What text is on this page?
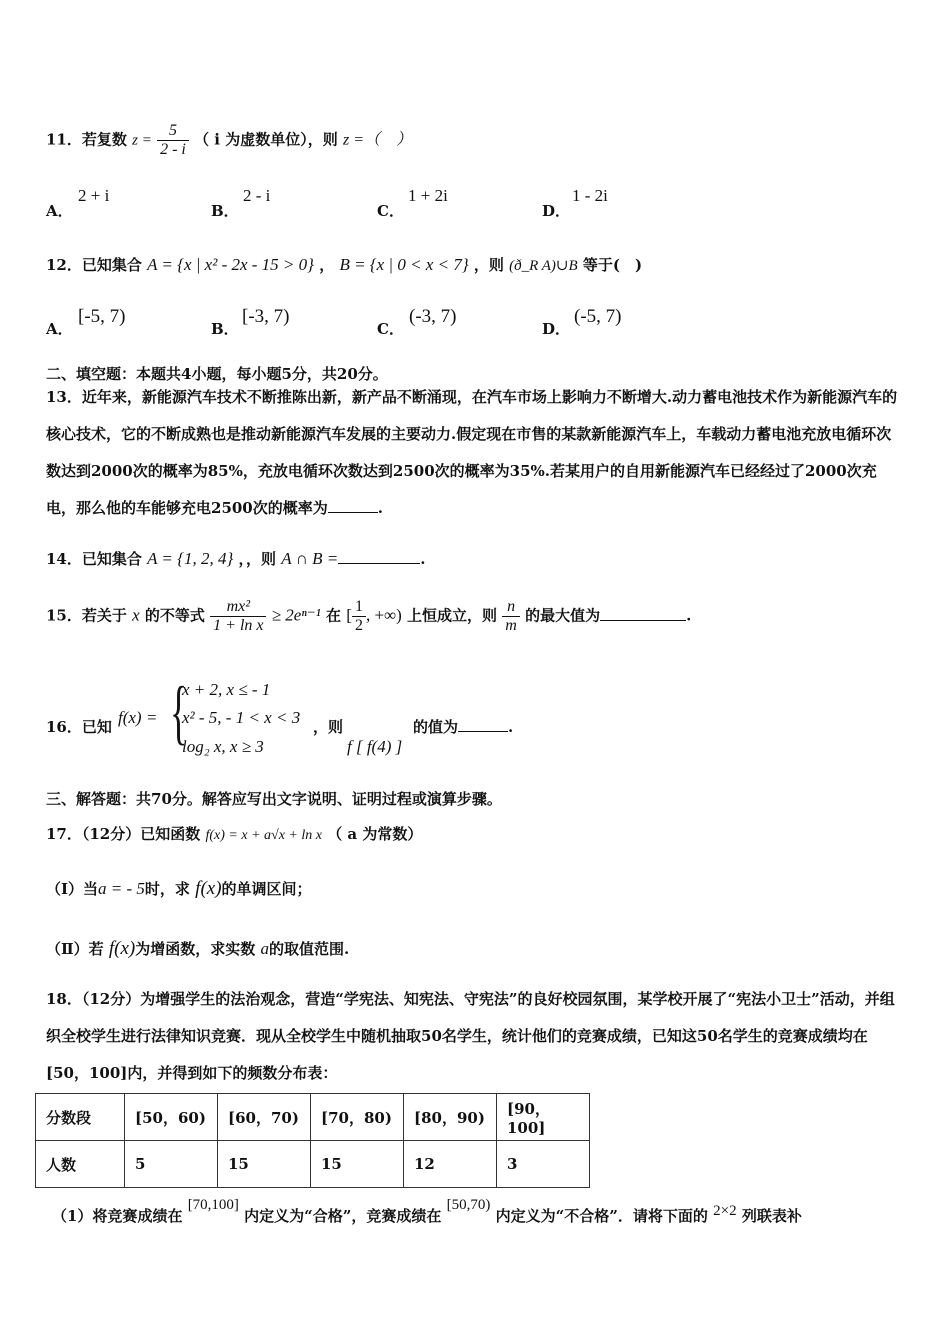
11．若复数 $z = \frac{5}{2 - i}$ （ i 为虚数单位），则 z =（　）
A．
2 + i
B．
2 - i
C．
1 + 2i
D．
1 - 2i
12．已知集合 A = {x | x² - 2x - 15 > 0} ， B = {x | 0 < x < 7} ，则 (ð_R A)∪B 等于(　)
A．
[-5, 7)
B．
[-3, 7)
C．
(-3, 7)
D．
(-5, 7)
二、填空题：本题共4小题，每小题5分，共20分。
13．近年来，新能源汽车技术不断推陈出新，新产品不断涌现，在汽车市场上影响力不断增大.动力蓄电池技术作为新能源汽车的核心技术，它的不断成熟也是推动新能源汽车发展的主要动力.假定现在市售的某款新能源汽车上，车载动力蓄电池充放电循环次数达到2000次的概率为85%，充放电循环次数达到2500次的概率为35%.若某用户的自用新能源汽车已经经过了2000次充电，那么他的车能够充电2500次的概率为	.
14．已知集合 A = {1, 2, 4} ，，则 A ∩ B =	.
15．若关于 x 的不等式 $\frac{\text{mx²}}{\text{1 + ln x}} \ge 2e^{n-1}$ 在 [ $\frac{1}{2}$ , +∞) 上恒成立，则 $\frac{n}{m}$ 的最大值为	.
16．已知 f(x) = {
x + 2, x ≤ - 1
x² - 5, - 1 < x < 3
log₂ x, x ≥ 3
，则
f [ f(4) ]
的值为	.
三、解答题：共70分。解答应写出文字说明、证明过程或演算步骤。
17．（12分）已知函数 f(x) = x + a√x + ln x （ a 为常数）
（Ⅰ）当a = - 5时，求 f(x)的单调区间；
（Ⅱ）若 f(x)为增函数，求实数 a的取值范围.
18．（12分）为增强学生的法治观念，营造“学宪法、知宪法、守宪法”的良好校园氛围，某学校开展了“宪法小卫士”活动，并组织全校学生进行法律知识竞赛．现从全校学生中随机抽取50名学生，统计他们的竞赛成绩，已知这50名学生的竞赛成绩均在[50，100]内，并得到如下的频数分布表：
分数段	[50，60)	[60，70)	[70，80)	[80，90)	[90，100]
人数	5	15	15	12	3
（1）将竞赛成绩在 [70,100] 内定义为“合格”，竞赛成绩在 [50,70) 内定义为“不合格”．请将下面的 2×2 列联表补
